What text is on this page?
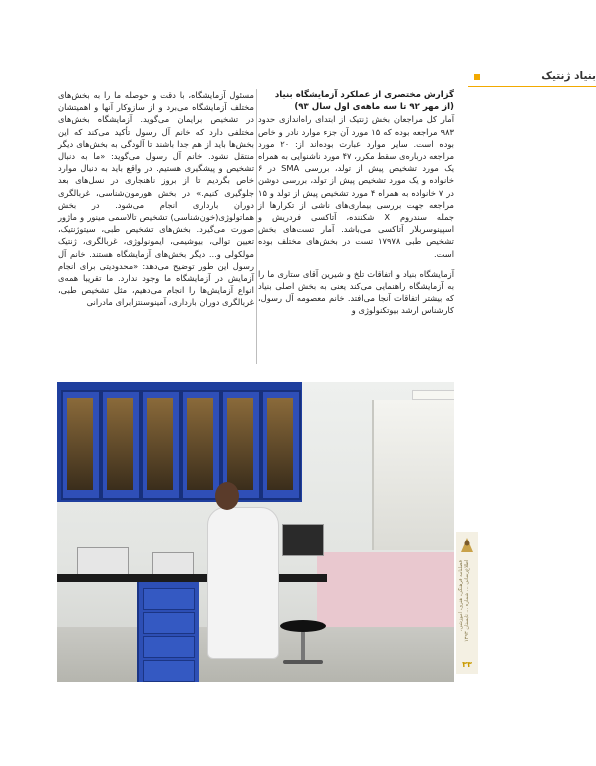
بنیاد ژنتیک

گزارش مختصری از عملکرد آزمایشگاه بنیاد

(از مهر ۹۲ تا سه ماهه‌ی اول سال ۹۳)

آمار کل مراجعان بخش ژنتیک از ابتدای راه‌اندازی حدود ۹۸۳ مراجعه بوده که ۱۵ مورد آن جزء موارد نادر و خاص بوده است. سایر موارد عبارت بوده‌اند از: ۲۰ مورد مراجعه درباره‌ی سقط مکرر، ۴۷ مورد ناشنوایی به همراه یک مورد تشخیص پیش از تولد، بررسی SMA در ۶ خانواده و یک مورد تشخیص پیش از تولد، بررسی دوشن در ۷ خانواده به همراه ۴ مورد تشخیص پیش از تولد و ۱۵ مراجعه جهت بررسی بیماری‌های ناشی از تکرارها از جمله سندروم X شکننده، آتاکسی فردریش و اسپینوسربلار آتاکسی می‌باشد. آمار تست‌های بخش تشخیص طبی ۱۷۹۷۸ تست در بخش‌های مختلف بوده است.

آزمایشگاه بنیاد و اتفاقات تلخ و شیرین آقای ستاری ما را به آزمایشگاه راهنمایی می‌کند یعنی به بخش اصلی بنیاد که بیشتر اتفاقات آنجا می‌افتد. خانم معصومه آل رسول، کارشناس ارشد بیوتکنولوژی و

مسئول آزمایشگاه، با دقت و حوصله ما را به بخش‌های مختلف آزمایشگاه می‌برد و از سازوکار آنها و اهمیتشان در تشخیص برایمان می‌گوید. آزمایشگاه بخش‌های مختلفی دارد که خانم آل رسول تأکید می‌کند که این بخش‌ها باید از هم جدا باشند تا آلودگی به بخش‌های دیگر منتقل نشود. خانم آل رسول می‌گوید: «ما به دنبال تشخیص و پیشگیری هستیم. در واقع باید به دنبال موارد خاص بگردیم تا از بروز ناهنجاری در نسل‌های بعد جلوگیری کنیم.» در بخش هورمون‌شناسی، غربالگری دوران بارداری انجام می‌شود. در بخش هماتولوژی(خون‌شناسی) تشخیص تالاسمی مینور و ماژور صورت می‌گیرد. بخش‌های تشخیص طبی، سیتوژنتیک، تعیین توالی، بیوشیمی، ایمونولوژی، غربالگری، ژنتیک مولکولی و... دیگر بخش‌های آزمایشگاه هستند. خانم آل رسول این طور توضیح می‌دهد: «محدودیتی برای انجام آزمایش در آزمایشگاه ما وجود ندارد. ما تقریبا همه‌ی انواع آزمایش‌ها را انجام می‌دهیم، مثل تشخیص طبی، غربالگری دوران بارداری، آمینوسنتزابرای مادرانی

فصلنامه فرهنگی، هنری، آموزشی، اطلاع‌رسانی ... شماره ... تابستان ۱۳۹۳
۳۳
